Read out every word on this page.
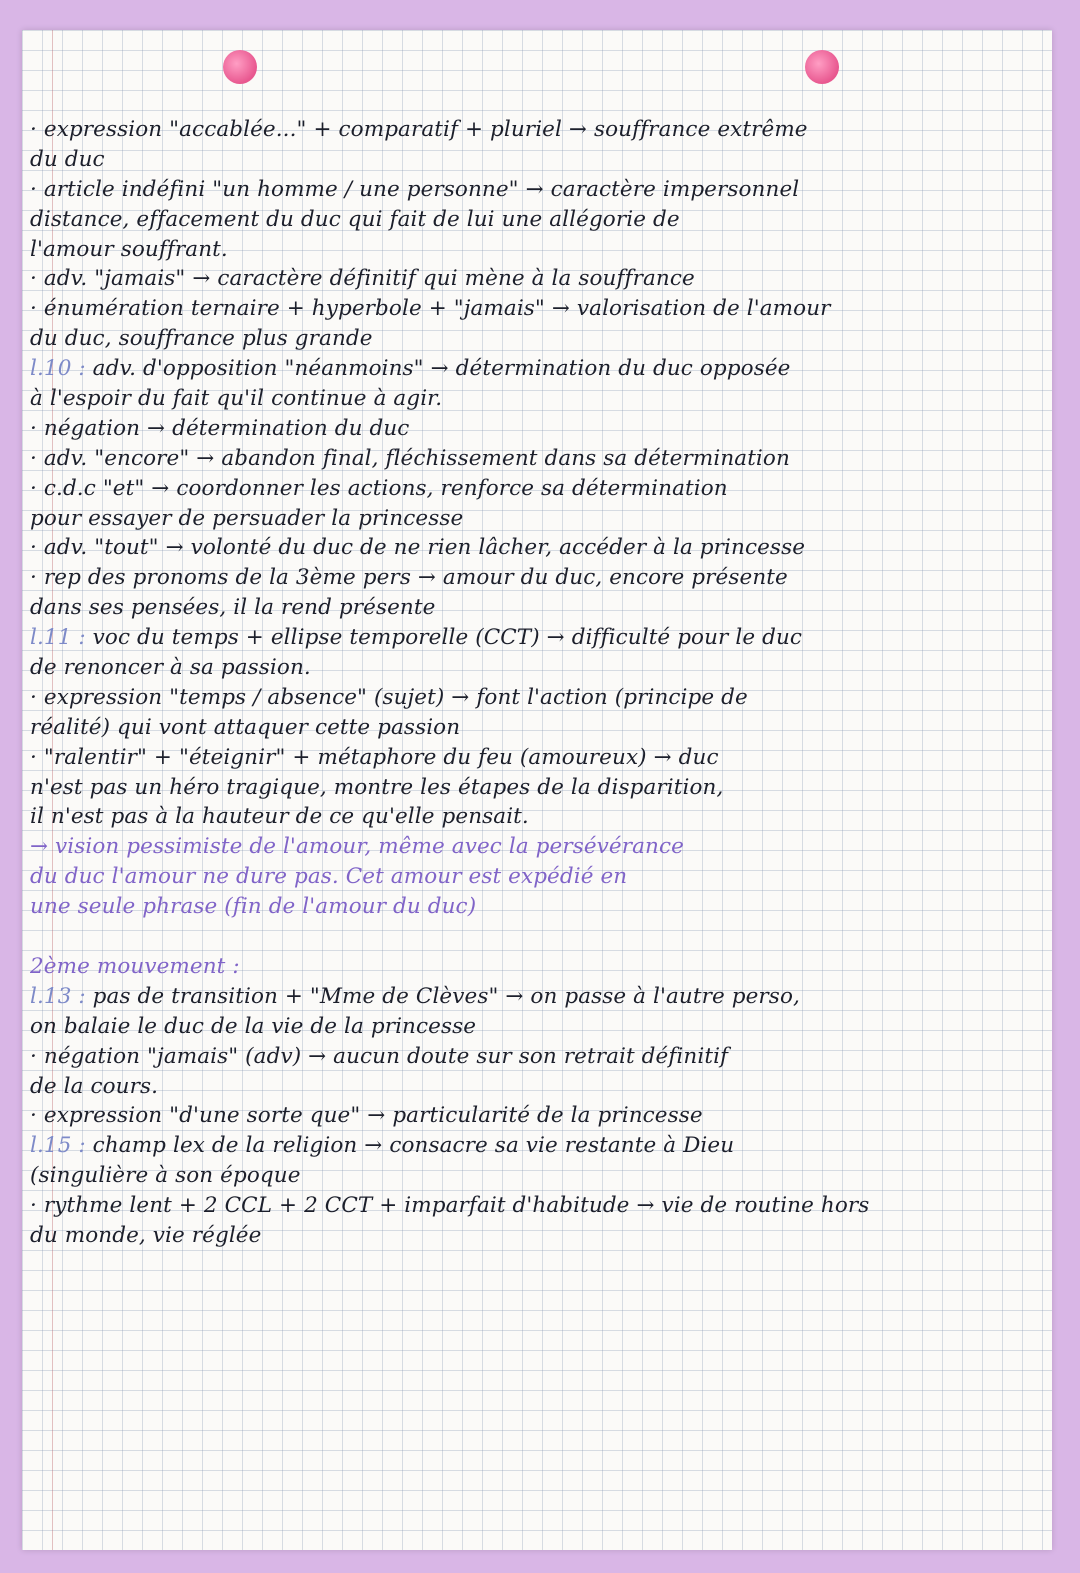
· expression "accablée..." + comparatif + pluriel → souffrance extrême
du duc
· article indéfini "un homme / une personne" → caractère impersonnel
distance, effacement du duc qui fait de lui une allégorie de
l'amour souffrant.
· adv. "jamais" → caractère définitif qui mène à la souffrance
· énumération ternaire + hyperbole + "jamais" → valorisation de l'amour
du duc, souffrance plus grande
l.10 : adv. d'opposition "néanmoins" → détermination du duc opposée
à l'espoir du fait qu'il continue à agir.
· négation → détermination du duc
· adv. "encore" → abandon final, fléchissement dans sa détermination
· c.d.c "et" → coordonner les actions, renforce sa détermination
pour essayer de persuader la princesse
· adv. "tout" → volonté du duc de ne rien lâcher, accéder à la princesse
· rep des pronoms de la 3ème pers → amour du duc, encore présente
dans ses pensées, il la rend présente
l.11 : voc du temps + ellipse temporelle (CCT) → difficulté pour le duc
de renoncer à sa passion.
· expression "temps / absence" (sujet) → font l'action (principe de
réalité) qui vont attaquer cette passion
· "ralentir" + "éteignir" + métaphore du feu (amoureux) → duc
n'est pas un héro tragique, montre les étapes de la disparition,
il n'est pas à la hauteur de ce qu'elle pensait.
→ vision pessimiste de l'amour, même avec la persévérance
du duc l'amour ne dure pas. Cet amour est expédié en
une seule phrase (fin de l'amour du duc)
2ème mouvement :
l.13 : pas de transition + "Mme de Clèves" → on passe à l'autre perso,
on balaie le duc de la vie de la princesse
· négation "jamais" (adv) → aucun doute sur son retrait définitif
de la cours.
· expression "d'une sorte que" → particularité de la princesse
l.15 : champ lex de la religion → consacre sa vie restante à Dieu
(singulière à son époque
· rythme lent + 2 CCL + 2 CCT + imparfait d'habitude → vie de routine hors
du monde, vie réglée
